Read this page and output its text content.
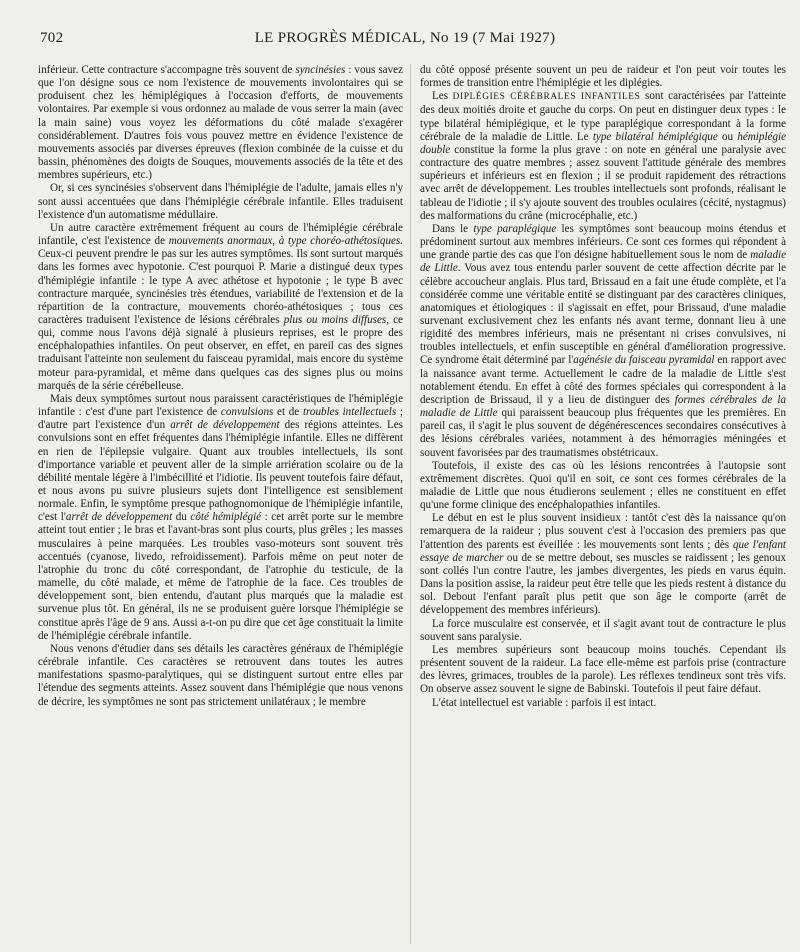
702	LE PROGRÈS MÉDICAL, No 19 (7 Mai 1927)

inférieur. Cette contracture s'accompagne très souvent de syncinésies : vous savez que l'on désigne sous ce nom l'existence de mouvements involontaires qui se produisent chez les hémiplégiques à l'occasion d'efforts, de mouvements volontaires. Par exemple si vous ordonnez au malade de vous serrer la main (avec la main saine) vous voyez les déformations du côté malade s'exagérer considérablement. D'autres fois vous pouvez mettre en évidence l'existence de mouvements associés par diverses épreuves (flexion combinée de la cuisse et du bassin, phénomènes des doigts de Souques, mouvements associés de la tête et des membres supérieurs, etc.)

Or, si ces syncinésies s'observent dans l'hémiplégie de l'adulte, jamais elles n'y sont aussi accentuées que dans l'hémiplégie cérébrale infantile. Elles traduisent l'existence d'un automatisme médullaire.

Un autre caractère extrêmement fréquent au cours de l'hémiplégie cérébrale infantile, c'est l'existence de mouvements anormaux, à type choréo-athétosiques. Ceux-ci peuvent prendre le pas sur les autres symptômes. Ils sont surtout marqués dans les formes avec hypotonie. C'est pourquoi P. Marie a distingué deux types d'hémiplégie infantile : le type A avec athétose et hypotonie ; le type B avec contracture marquée, syncinésies très étendues, variabilité de l'extension et de la répartition de la contracture, mouvements choréo-athétosiques ; tous ces caractères traduisent l'existence de lésions cérébrales plus ou moins diffuses, ce qui, comme nous l'avons déjà signalé à plusieurs reprises, est le propre des encéphalopathies infantiles. On peut observer, en effet, en pareil cas des signes traduisant l'atteinte non seulement du faisceau pyramidal, mais encore du système moteur para-pyramidal, et même dans quelques cas des signes plus ou moins marqués de la série cérébelleuse.

Mais deux symptômes surtout nous paraissent caractéristiques de l'hémiplégie infantile : c'est d'une part l'existence de convulsions et de troubles intellectuels ; d'autre part l'existence d'un arrêt de développement des régions atteintes. Les convulsions sont en effet fréquentes dans l'hémiplégie infantile. Elles ne diffèrent en rien de l'épilepsie vulgaire. Quant aux troubles intellectuels, ils sont d'importance variable et peuvent aller de la simple arriération scolaire ou de la débilité mentale légère à l'imbécillité et l'idiotie. Ils peuvent toutefois faire défaut, et nous avons pu suivre plusieurs sujets dont l'intelligence est sensiblement normale. Enfin, le symptôme presque pathognomonique de l'hémiplégie infantile, c'est l'arrêt de développement du côté hémiplégié : cet arrêt porte sur le membre atteint tout entier ; le bras et l'avant-bras sont plus courts, plus grêles ; les masses musculaires à peine marquées. Les troubles vaso-moteurs sont souvent très accentués (cyanose, livedo, refroidissement). Parfois même on peut noter de l'atrophie du tronc du côté correspondant, de l'atrophie du testicule, de la mamelle, du côté malade, et même de l'atrophie de la face. Ces troubles de développement sont, bien entendu, d'autant plus marqués que la maladie est survenue plus tôt. En général, ils ne se produisent guère lorsque l'hémiplégie se constitue après l'âge de 9 ans. Aussi a-t-on pu dire que cet âge constituait la limite de l'hémiplégie cérébrale infantile.

Nous venons d'étudier dans ses détails les caractères généraux de l'hémiplégie cérébrale infantile. Ces caractères se retrouvent dans toutes les autres manifestations spasmo-paralytiques, qui se distinguent surtout entre elles par l'étendue des segments atteints. Assez souvent dans l'hémiplégie que nous venons de décrire, les symptômes ne sont pas strictement unilatéraux ; le membre

du côté opposé présente souvent un peu de raideur et l'on peut voir toutes les formes de transition entre l'hémiplégie et les diplégies.

Les DIPLÉGIES CÉRÉBRALES INFANTILES sont caractérisées par l'atteinte des deux moitiés droite et gauche du corps. On peut en distinguer deux types : le type bilatéral hémiplégique, et le type paraplégique correspondant à la forme cérébrale de la maladie de Little. Le type bilatéral hémiplégique ou hémiplégie double constitue la forme la plus grave : on note en général une paralysie avec contracture des quatre membres ; assez souvent l'attitude générale des membres supérieurs et inférieurs est en flexion ; il se produit rapidement des rétractions avec arrêt de développement. Les troubles intellectuels sont profonds, réalisant le tableau de l'idiotie ; il s'y ajoute souvent des troubles oculaires (cécité, nystagmus) des malformations du crâne (microcéphalie, etc.)

Dans le type paraplégique les symptômes sont beaucoup moins étendus et prédominent surtout aux membres inférieurs. Ce sont ces formes qui répondent à une grande partie des cas que l'on désigne habituellement sous le nom de maladie de Little. Vous avez tous entendu parler souvent de cette affection décrite par le célèbre accoucheur anglais. Plus tard, Brissaud en a fait une étude complète, et l'a considérée comme une véritable entité se distinguant par des caractères cliniques, anatomiques et étiologiques : il s'agissait en effet, pour Brissaud, d'une maladie survenant exclusivement chez les enfants nés avant terme, donnant lieu à une rigidité des membres inférieurs, mais ne présentant ni crises convulsives, ni troubles intellectuels, et enfin susceptible en général d'amélioration progressive. Ce syndrome était déterminé par l'agénésie du faisceau pyramidal en rapport avec la naissance avant terme. Actuellement le cadre de la maladie de Little s'est notablement étendu. En effet à côté des formes spéciales qui correspondent à la description de Brissaud, il y a lieu de distinguer des formes cérébrales de la maladie de Little qui paraissent beaucoup plus fréquentes que les premières. En pareil cas, il s'agit le plus souvent de dégénérescences secondaires consécutives à des lésions cérébrales variées, notamment à des hémorragies méningées et souvent favorisées par des traumatismes obstétricaux.

Toutefois, il existe des cas où les lésions rencontrées à l'autopsie sont extrêmement discrètes. Quoi qu'il en soit, ce sont ces formes cérébrales de la maladie de Little que nous étudierons seulement ; elles ne constituent en effet qu'une forme clinique des encéphalopathies infantiles.

Le début en est le plus souvent insidieux : tantôt c'est dès la naissance qu'on remarquera de la raideur ; plus souvent c'est à l'occasion des premiers pas que l'attention des parents est éveillée : les mouvements sont lents ; dès que l'enfant essaye de marcher ou de se mettre debout, ses muscles se raidissent ; les genoux sont collés l'un contre l'autre, les jambes divergentes, les pieds en varus équin. Dans la position assise, la raideur peut être telle que les pieds restent à distance du sol. Debout l'enfant paraît plus petit que son âge le comporte (arrêt de développement des membres inférieurs).

La force musculaire est conservée, et il s'agit avant tout de contracture le plus souvent sans paralysie.

Les membres supérieurs sont beaucoup moins touchés. Cependant ils présentent souvent de la raideur. La face elle-même est parfois prise (contracture des lèvres, grimaces, troubles de la parole). Les réflexes tendineux sont très vifs. On observe assez souvent le signe de Babinski. Toutefois il peut faire défaut.

L'état intellectuel est variable : parfois il est intact.
